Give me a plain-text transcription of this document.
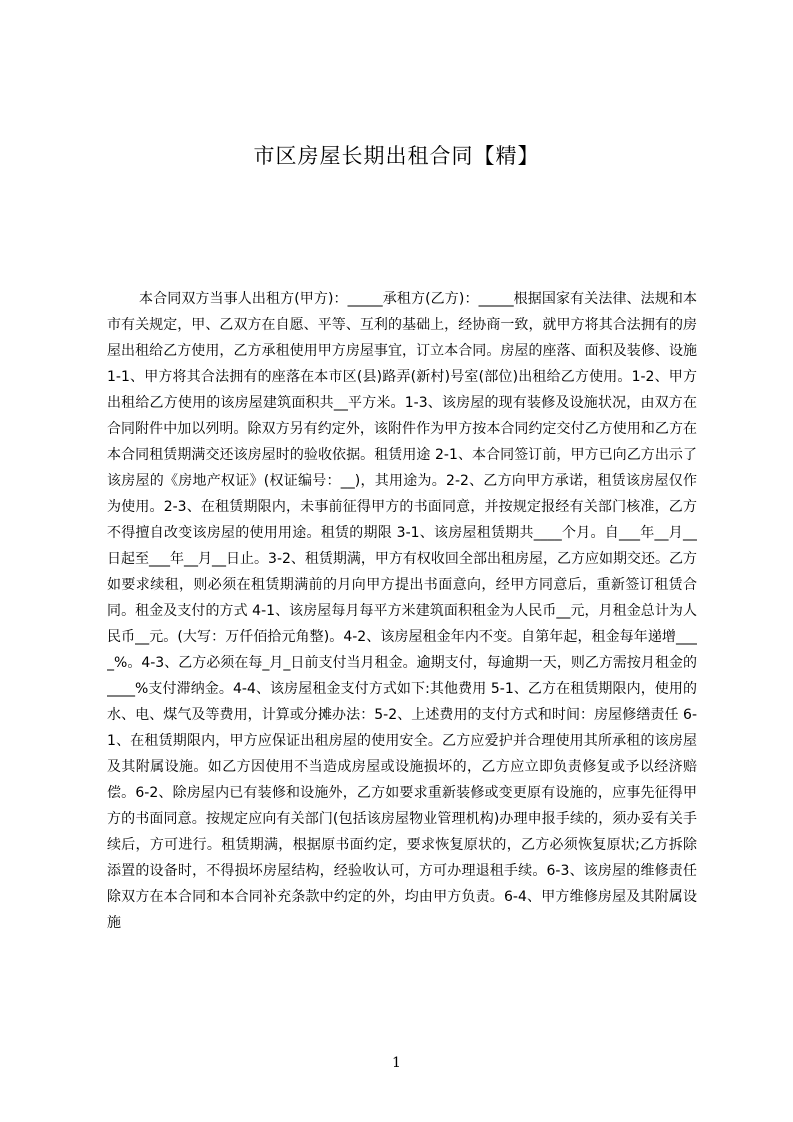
市区房屋长期出租合同【精】

本合同双方当事人出租方(甲方)：_____承租方(乙方)：_____根据国家有关法律、法规和本市有关规定，甲、乙双方在自愿、平等、互利的基础上，经协商一致，就甲方将其合法拥有的房屋出租给乙方使用，乙方承租使用甲方房屋事宜，订立本合同。房屋的座落、面积及装修、设施 1-1、甲方将其合法拥有的座落在本市区(县)路弄(新村)号室(部位)出租给乙方使用。1-2、甲方出租给乙方使用的该房屋建筑面积共__平方米。1-3、该房屋的现有装修及设施状况，由双方在合同附件中加以列明。除双方另有约定外，该附件作为甲方按本合同约定交付乙方使用和乙方在本合同租赁期满交还该房屋时的验收依据。租赁用途 2-1、本合同签订前，甲方已向乙方出示了该房屋的《房地产权证》(权证编号：__)，其用途为。2-2、乙方向甲方承诺，租赁该房屋仅作为使用。2-3、在租赁期限内，未事前征得甲方的书面同意，并按规定报经有关部门核准，乙方不得擅自改变该房屋的使用用途。租赁的期限 3-1、该房屋租赁期共____个月。自___年__月__日起至___年__月__日止。3-2、租赁期满，甲方有权收回全部出租房屋，乙方应如期交还。乙方如要求续租，则必须在租赁期满前的月向甲方提出书面意向，经甲方同意后，重新签订租赁合同。租金及支付的方式 4-1、该房屋每月每平方米建筑面积租金为人民币__元，月租金总计为人民币__元。(大写：万仟佰拾元角整)。4-2、该房屋租金年内不变。自第年起，租金每年递增____%。4-3、乙方必须在每_月_日前支付当月租金。逾期支付，每逾期一天，则乙方需按月租金的____%支付滞纳金。4-4、该房屋租金支付方式如下:其他费用 5-1、乙方在租赁期限内，使用的水、电、煤气及等费用，计算或分摊办法：5-2、上述费用的支付方式和时间：房屋修缮责任 6-1、在租赁期限内，甲方应保证出租房屋的使用安全。乙方应爱护并合理使用其所承租的该房屋及其附属设施。如乙方因使用不当造成房屋或设施损坏的，乙方应立即负责修复或予以经济赔偿。6-2、除房屋内已有装修和设施外，乙方如要求重新装修或变更原有设施的，应事先征得甲方的书面同意。按规定应向有关部门(包括该房屋物业管理机构)办理申报手续的，须办妥有关手续后，方可进行。租赁期满，根据原书面约定，要求恢复原状的，乙方必须恢复原状;乙方拆除添置的设备时，不得损坏房屋结构，经验收认可，方可办理退租手续。6-3、该房屋的维修责任除双方在本合同和本合同补充条款中约定的外，均由甲方负责。6-4、甲方维修房屋及其附属设施

1
